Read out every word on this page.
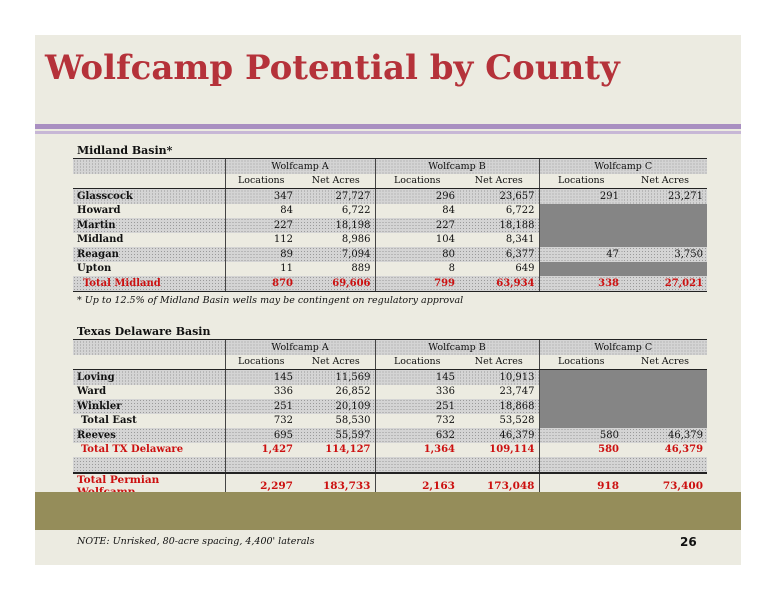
Wolfcamp Potential by County
Midland Basin*
	Wolfcamp A		Wolfcamp B		Wolfcamp C	
	Locations	Net Acres	Locations	Net Acres	Locations	Net Acres
Glasscock	347	27,727	296	23,657	291	23,271
Howard	84	6,722	84	6,722		
Martin	227	18,198	227	18,188		
Midland	112	8,986	104	8,341		
Reagan	89	7,094	80	6,377	47	3,750
Upton	11	889	8	649		
Total Midland	870	69,606	799	63,934	338	27,021
* Up to 12.5% of Midland Basin wells may be contingent on regulatory approval
Texas Delaware Basin
	Wolfcamp A		Wolfcamp B		Wolfcamp C	
	Locations	Net Acres	Locations	Net Acres	Locations	Net Acres
Loving	145	11,569	145	10,913		
Ward	336	26,852	336	23,747		
Winkler	251	20,109	251	18,868		
Total East	732	58,530	732	53,528		
Reeves	695	55,597	632	46,379	580	46,379
Total TX Delaware	1,427	114,127	1,364	109,114	580	46,379

Total Permian	2,297	183,733	2,163	173,048	918	73,400
NOTE: Unrisked, 80-acre spacing, 4,400' laterals	26
